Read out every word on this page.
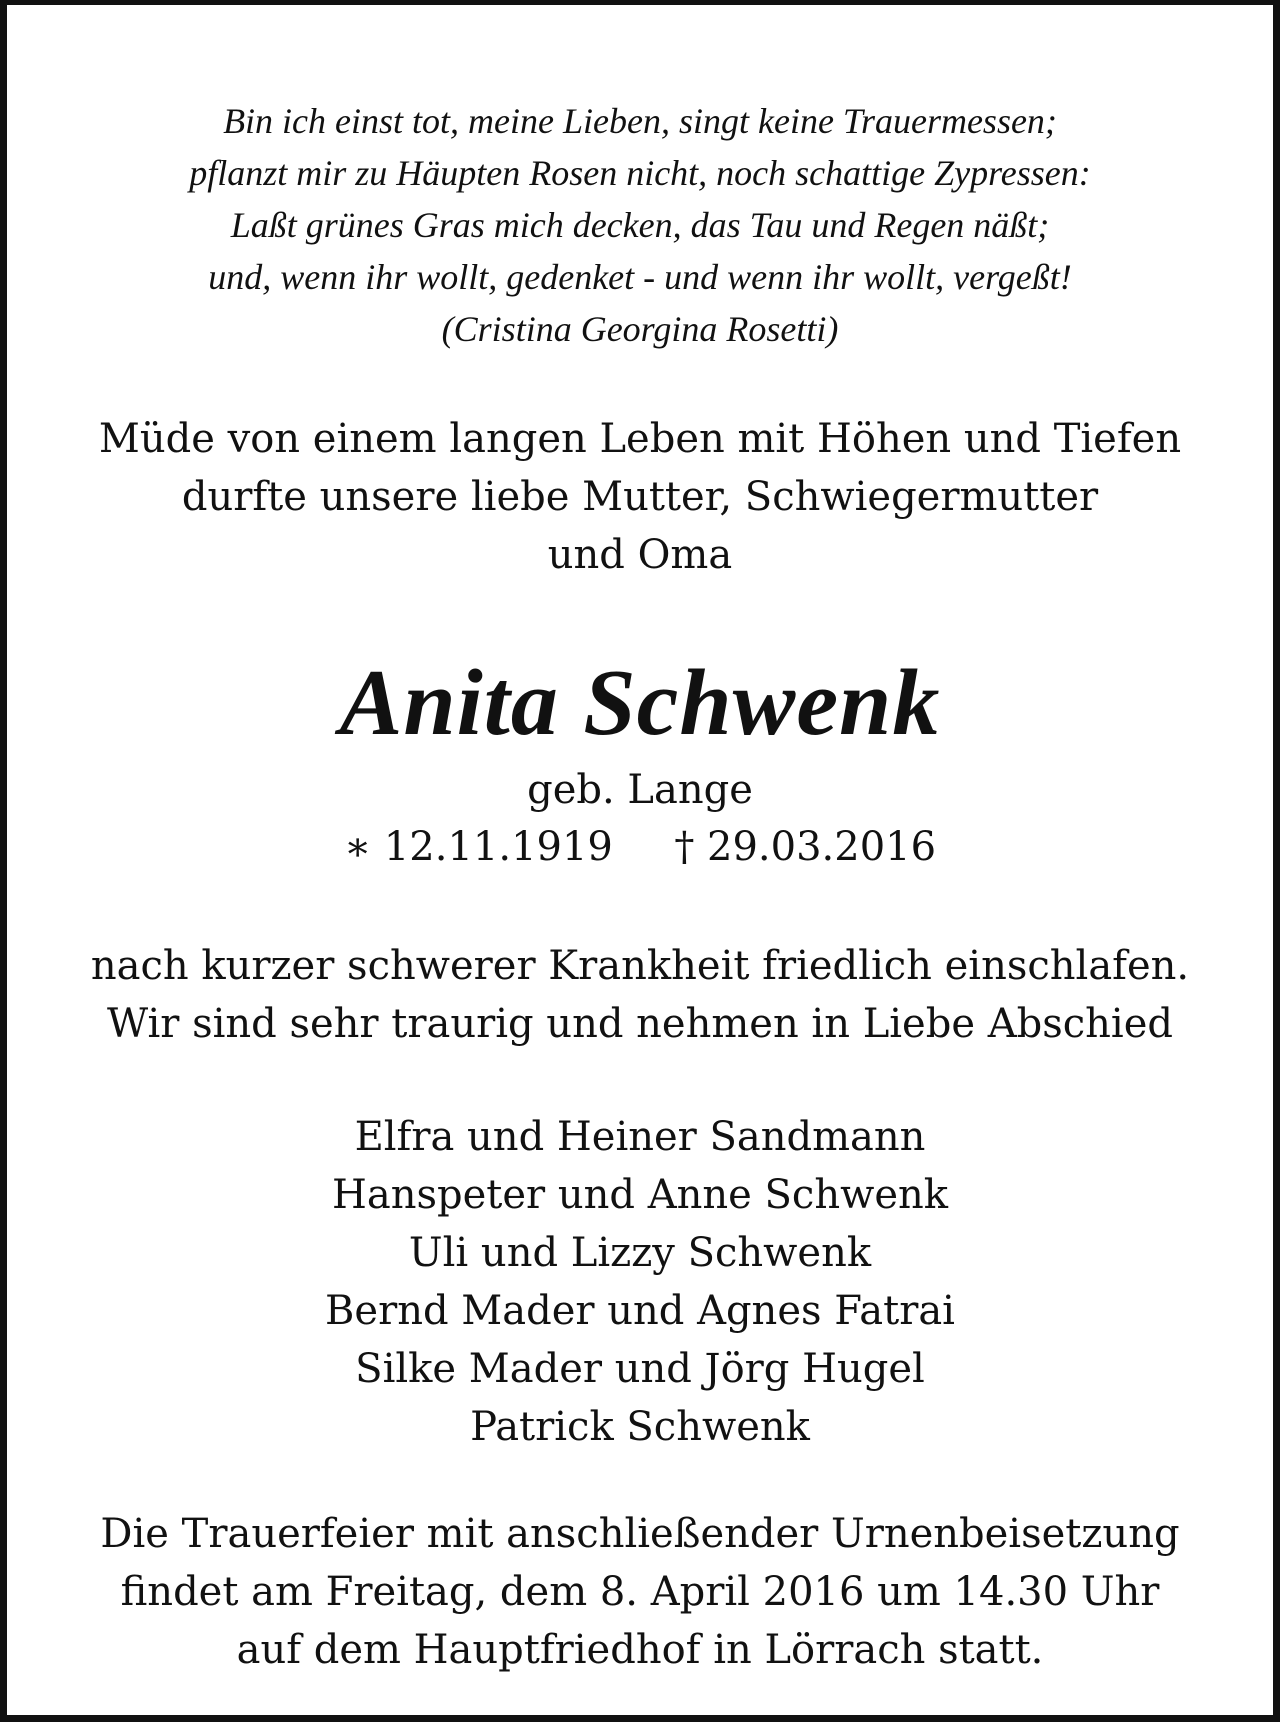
Bin ich einst tot, meine Lieben, singt keine Trauermessen;
pflanzt mir zu Häupten Rosen nicht, noch schattige Zypressen:
Laßt grünes Gras mich decken, das Tau und Regen näßt;
und, wenn ihr wollt, gedenket - und wenn ihr wollt, vergeßt!
(Cristina Georgina Rosetti)
Müde von einem langen Leben mit Höhen und Tiefen
durfte unsere liebe Mutter, Schwiegermutter
und Oma
Anita Schwenk
geb. Lange
∗ 12.11.1919 † 29.03.2016
nach kurzer schwerer Krankheit friedlich einschlafen.
Wir sind sehr traurig und nehmen in Liebe Abschied
Elfra und Heiner Sandmann
Hanspeter und Anne Schwenk
Uli und Lizzy Schwenk
Bernd Mader und Agnes Fatrai
Silke Mader und Jörg Hugel
Patrick Schwenk
Die Trauerfeier mit anschließender Urnenbeisetzung
findet am Freitag, dem 8. April 2016 um 14.30 Uhr
auf dem Hauptfriedhof in Lörrach statt.
